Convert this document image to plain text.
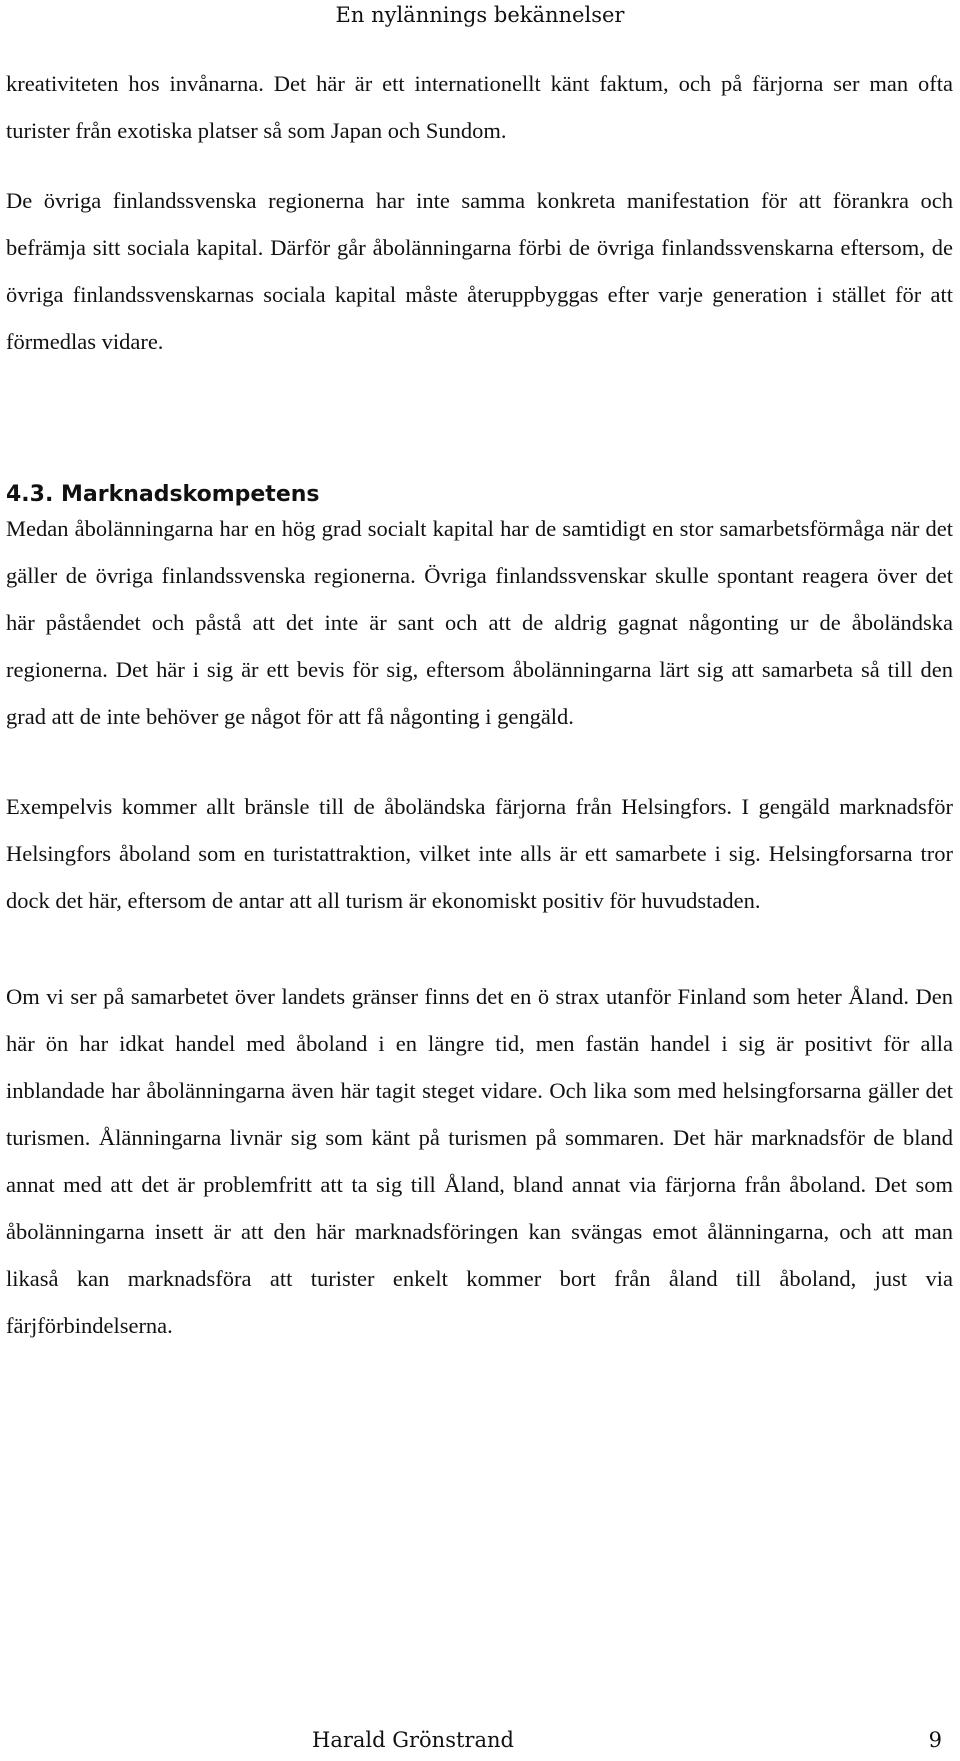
En nylännings bekännelser

kreativiteten hos invånarna. Det här är ett internationellt känt faktum, och på färjorna ser man ofta turister från exotiska platser så som Japan och Sundom.

De övriga finlandssvenska regionerna har inte samma konkreta manifestation för att förankra och befrämja sitt sociala kapital. Därför går åbolänningarna förbi de övriga finlandssvenskarna eftersom, de övriga finlandssvenskarnas sociala kapital måste återuppbyggas efter varje generation i stället för att förmedlas vidare.

4.3. Marknadskompetens

Medan åbolänningarna har en hög grad socialt kapital har de samtidigt en stor samarbetsförmåga när det gäller de övriga finlandssvenska regionerna. Övriga finlandssvenskar skulle spontant reagera över det här påståendet och påstå att det inte är sant och att de aldrig gagnat någonting ur de åboländska regionerna. Det här i sig är ett bevis för sig, eftersom åbolänningarna lärt sig att samarbeta så till den grad att de inte behöver ge något för att få någonting i gengäld.

Exempelvis kommer allt bränsle till de åboländska färjorna från Helsingfors. I gengäld marknadsför Helsingfors åboland som en turistattraktion, vilket inte alls är ett samarbete i sig. Helsingforsarna tror dock det här, eftersom de antar att all turism är ekonomiskt positiv för huvudstaden.

Om vi ser på samarbetet över landets gränser finns det en ö strax utanför Finland som heter Åland. Den här ön har idkat handel med åboland i en längre tid, men fastän handel i sig är positivt för alla inblandade har åbolänningarna även här tagit steget vidare. Och lika som med helsingforsarna gäller det turismen. Ålänningarna livnär sig som känt på turismen på sommaren. Det här marknadsför de bland annat med att det är problemfritt att ta sig till Åland, bland annat via färjorna från åboland. Det som åbolänningarna insett är att den här marknadsföringen kan svängas emot ålänningarna, och att man likaså kan marknadsföra att turister enkelt kommer bort från åland till åboland, just via färjförbindelserna.

Harald Grönstrand	9
